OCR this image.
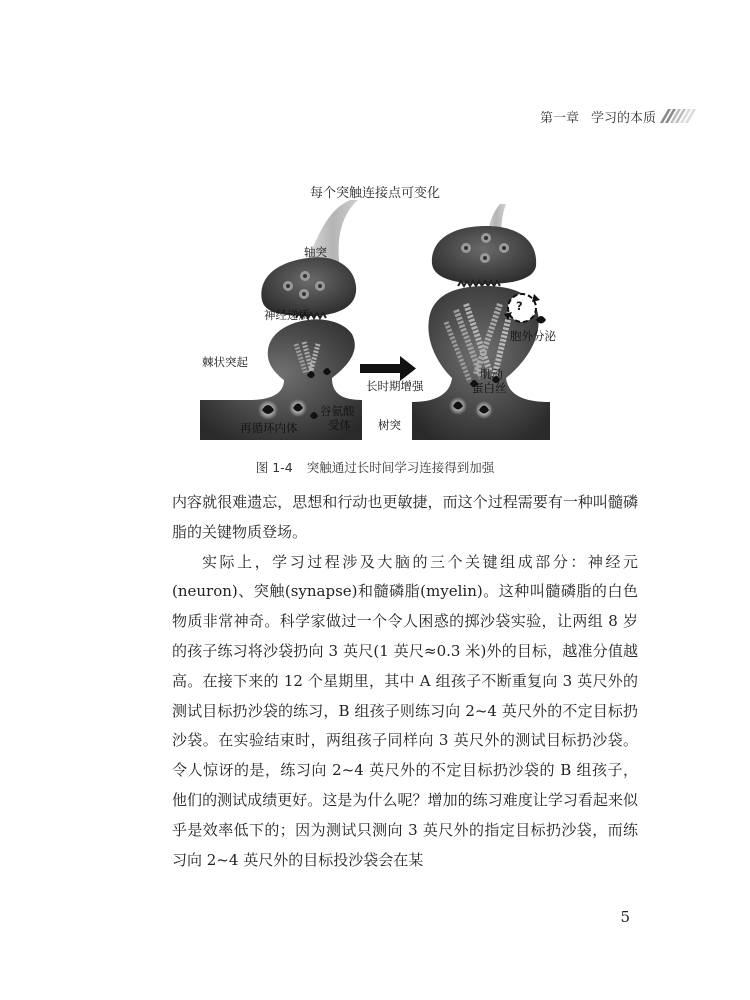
第一章 学习的本质
每个突触连接点可变化
轴突
神经递质
棘状突起
长时期增强
肌动
蛋白丝
胞外分泌
?
再循环内体
谷氨酸
受体 树突
图 1-4 突触通过长时间学习连接得到加强

内容就很难遗忘，思想和行动也更敏捷，而这个过程需要有一种叫髓磷脂的关键物质登场。

实际上，学习过程涉及大脑的三个关键组成部分：神经元(neuron)、突触(synapse)和髓磷脂(myelin)。这种叫髓磷脂的白色物质非常神奇。科学家做过一个令人困惑的掷沙袋实验，让两组 8 岁的孩子练习将沙袋扔向 3 英尺(1 英尺≈0.3 米)外的目标，越准分值越高。在接下来的 12 个星期里，其中 A 组孩子不断重复向 3 英尺外的测试目标扔沙袋的练习，B 组孩子则练习向 2~4 英尺外的不定目标扔沙袋。在实验结束时，两组孩子同样向 3 英尺外的测试目标扔沙袋。令人惊讶的是，练习向 2~4 英尺外的不定目标扔沙袋的 B 组孩子，他们的测试成绩更好。这是为什么呢？增加的练习难度让学习看起来似乎是效率低下的；因为测试只测向 3 英尺外的指定目标扔沙袋，而练习向 2~4 英尺外的目标投沙袋会在某

5
